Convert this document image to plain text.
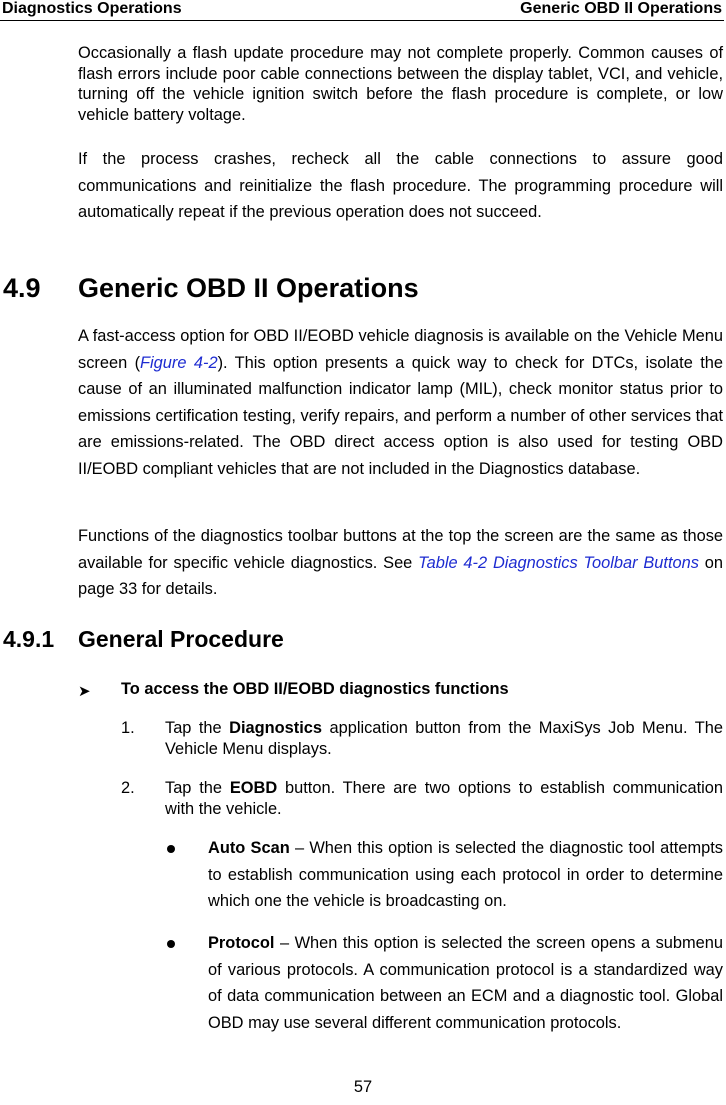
Diagnostics Operations	Generic OBD II Operations
Occasionally a flash update procedure may not complete properly. Common causes of flash errors include poor cable connections between the display tablet, VCI, and vehicle, turning off the vehicle ignition switch before the flash procedure is complete, or low vehicle battery voltage.
If the process crashes, recheck all the cable connections to assure good communications and reinitialize the flash procedure. The programming procedure will automatically repeat if the previous operation does not succeed.
4.9 Generic OBD II Operations
A fast-access option for OBD II/EOBD vehicle diagnosis is available on the Vehicle Menu screen (Figure 4-2). This option presents a quick way to check for DTCs, isolate the cause of an illuminated malfunction indicator lamp (MIL), check monitor status prior to emissions certification testing, verify repairs, and perform a number of other services that are emissions-related. The OBD direct access option is also used for testing OBD II/EOBD compliant vehicles that are not included in the Diagnostics database.
Functions of the diagnostics toolbar buttons at the top the screen are the same as those available for specific vehicle diagnostics. See Table 4-2 Diagnostics Toolbar Buttons on page 33 for details.
4.9.1 General Procedure
➤ To access the OBD II/EOBD diagnostics functions
1. Tap the Diagnostics application button from the MaxiSys Job Menu. The Vehicle Menu displays.
2. Tap the EOBD button. There are two options to establish communication with the vehicle.
Auto Scan – When this option is selected the diagnostic tool attempts to establish communication using each protocol in order to determine which one the vehicle is broadcasting on.
Protocol – When this option is selected the screen opens a submenu of various protocols. A communication protocol is a standardized way of data communication between an ECM and a diagnostic tool. Global OBD may use several different communication protocols.
57
